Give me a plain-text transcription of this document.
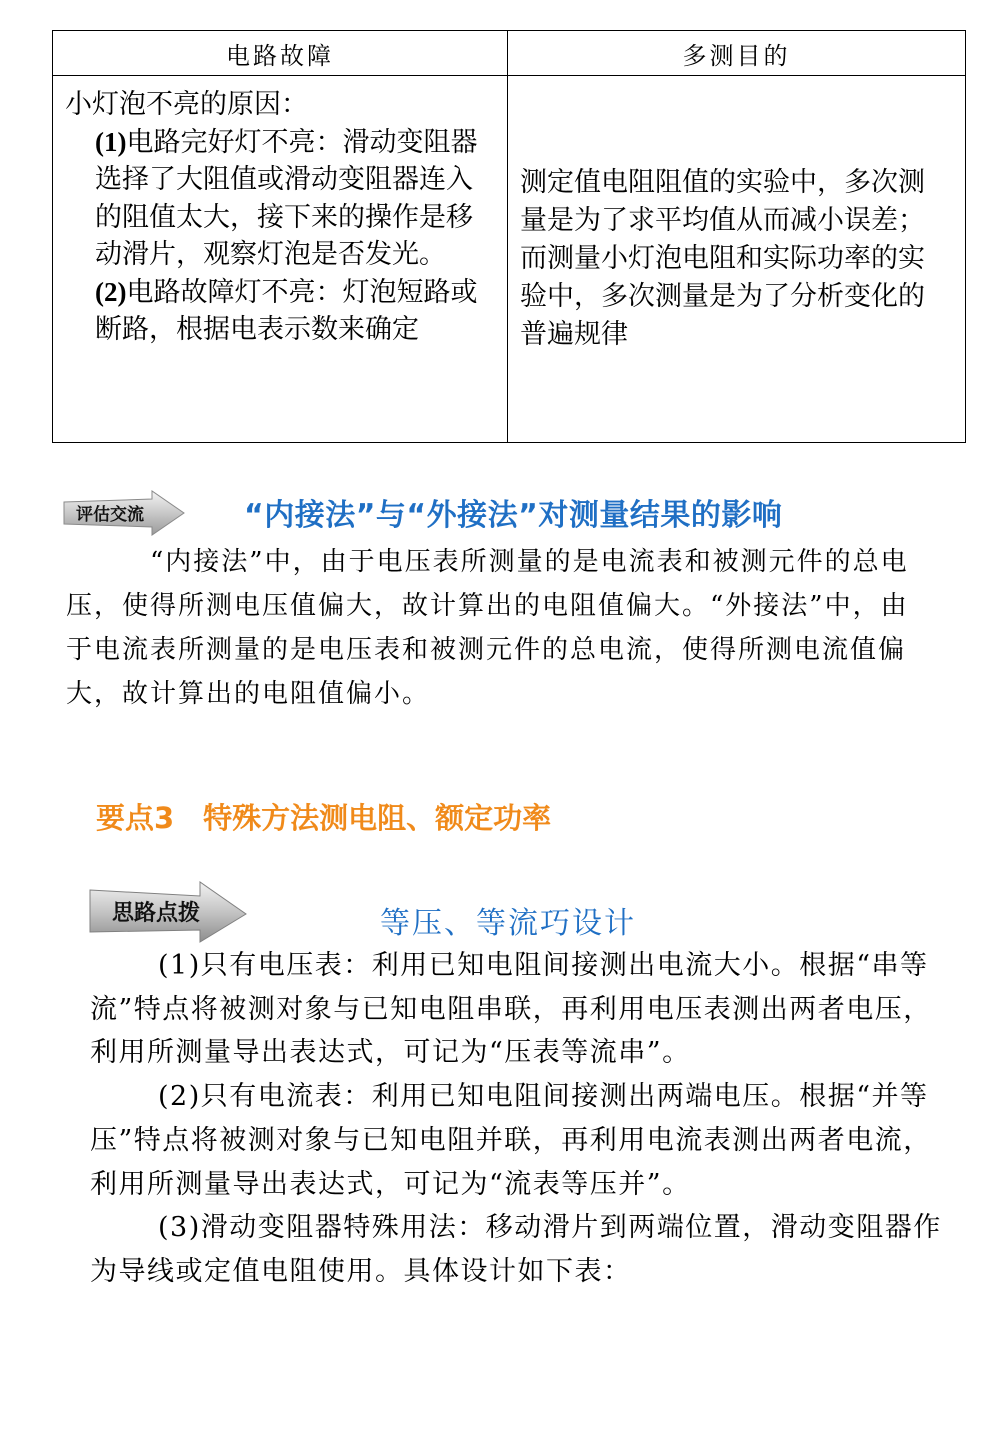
电路故障	多测目的

小灯泡不亮的原因：
(1)电路完好灯不亮：滑动变阻器选择了大阻值或滑动变阻器连入的阻值太大，接下来的操作是移动滑片，观察灯泡是否发光。
(2)电路故障灯不亮：灯泡短路或断路，根据电表示数来确定	测定值电阻阻值的实验中，多次测量是为了求平均值从而减小误差；而测量小灯泡电阻和实际功率的实验中，多次测量是为了分析变化的普遍规律
评估交流	“内接法”与“外接法”对测量结果的影响

“内接法”中，由于电压表所测量的是电流表和被测元件的总电压，使得所测电压值偏大，故计算出的电阻值偏大。“外接法”中，由于电流表所测量的是电压表和被测元件的总电流，使得所测电流值偏大，故计算出的电阻值偏小。

要点3　特殊方法测电阻、额定功率
思路点拨	等压、等流巧设计

(1)只有电压表：利用已知电阻间接测出电流大小。根据“串等流”特点将被测对象与已知电阻串联，再利用电压表测出两者电压，利用所测量导出表达式，可记为“压表等流串”。

(2)只有电流表：利用已知电阻间接测出两端电压。根据“并等压”特点将被测对象与已知电阻并联，再利用电流表测出两者电流，利用所测量导出表达式，可记为“流表等压并”。

(3)滑动变阻器特殊用法：移动滑片到两端位置，滑动变阻器作为导线或定值电阻使用。具体设计如下表：
